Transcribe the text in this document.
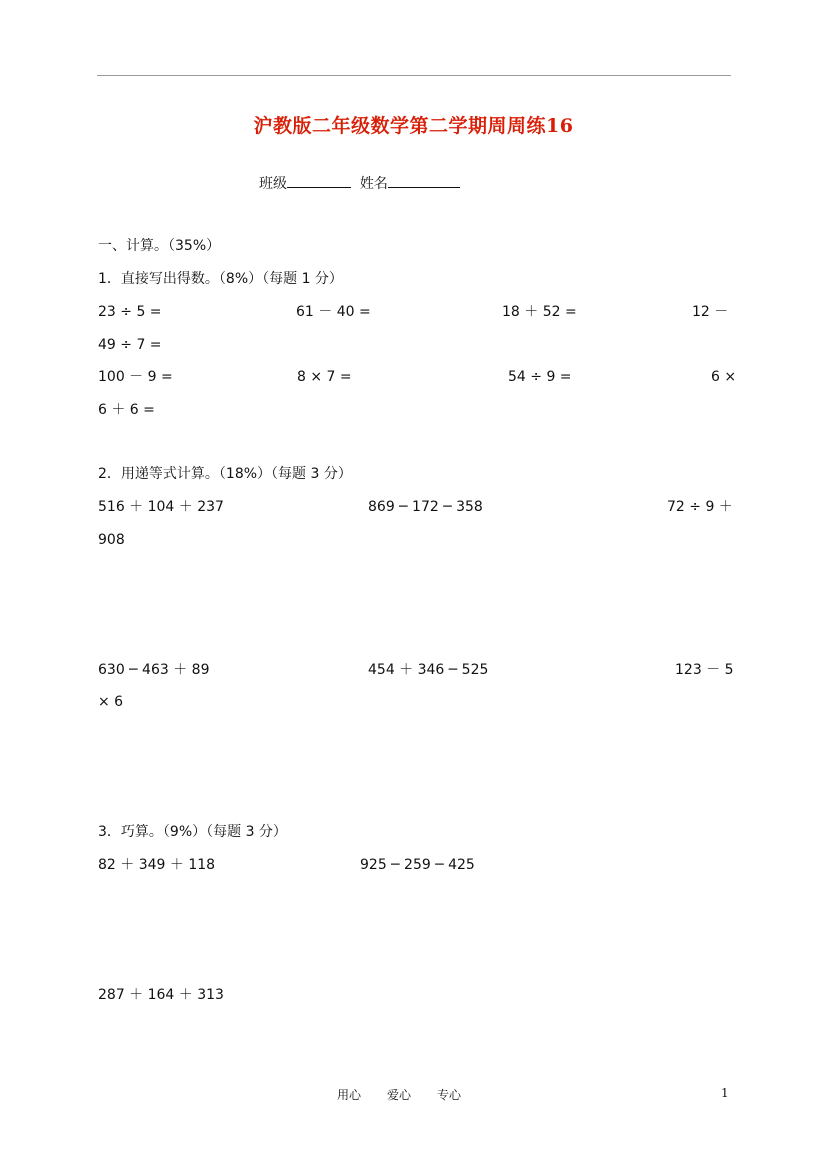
沪教版二年级数学第二学期周周练16
班级	姓名
一、计算。（35%）
1．直接写出得数。（8%）（每题 1 分）
23 ÷ 5 =	61 － 40 =	18 ＋ 52 =	12 －
49 ÷ 7 =
100 － 9 =	8 × 7 =	54 ÷ 9 =	6 ×
6 ＋ 6 =
2．用递等式计算。（18%）（每题 3 分）
516 ＋ 104 ＋ 237	869 ─ 172 ─ 358	72 ÷ 9 ＋
908
630 ─ 463 ＋ 89	454 ＋ 346 ─ 525	123 － 5
× 6
3．巧算。（9%）（每题 3 分）
82 ＋ 349 ＋ 118	925 ─ 259 ─ 425
287 ＋ 164 ＋ 313
用心 爱心 专心	1
